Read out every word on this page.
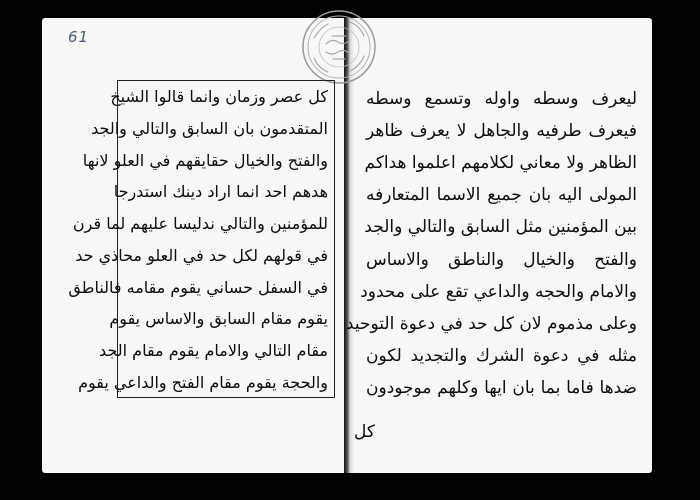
61
كل عصر وزمان وانما قالوا الشيخ
المتقدمون بان السابق والتالي والجد
والفتح والخيال حقايقهم في العلو لانها
هدهم احد انما اراد دينك استدرجا
للمؤمنين والتالي ندليسا عليهم لما قرن
في قولهم لكل حد في العلو محاذي حد
في السفل حساني يقوم مقامه فالناطق
يقوم مقام السابق والاساس يقوم
مقام التالي والامام يقوم مقام الجد
والحجة يقوم مقام الفتح والداعي يقوم
ليعرف وسطه واوله وتسمع وسطه
فيعرف طرفيه والجاهل لا يعرف ظاهر
الظاهر ولا معاني لكلامهم اعلموا هداكم
المولى اليه بان جميع الاسما المتعارفه
بين المؤمنين مثل السابق والتالي والجد
والفتح والخيال والناطق والاساس
والامام والحجه والداعي تقع على محدود
وعلى مذموم لان كل حد في دعوة التوحيد
مثله في دعوة الشرك والتجديد لكون
ضدها فاما بما بان ايها وكلهم موجودون
كل
